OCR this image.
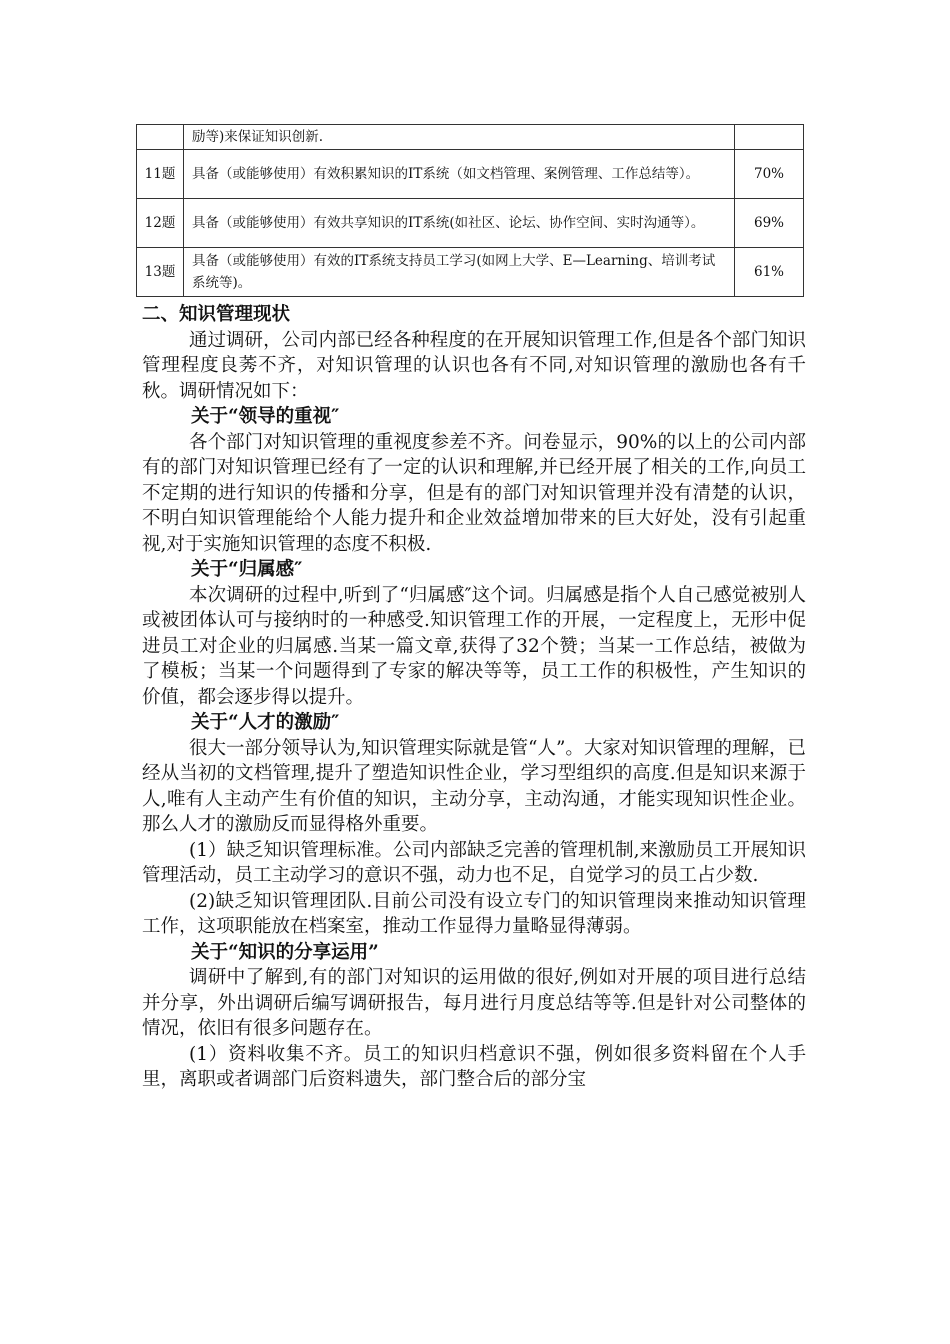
	励等)来保证知识创新.	
11题	具备（或能够使用）有效积累知识的IT系统（如文档管理、案例管理、工作总结等）。	70%
12题	具备（或能够使用）有效共享知识的IT系统(如社区、论坛、协作空间、实时沟通等）。	69%
13题	具备（或能够使用）有效的IT系统支持员工学习(如网上大学、E—Learning、培训考试系统等)。	61%

二、知识管理现状

通过调研，公司内部已经各种程度的在开展知识管理工作,但是各个部门知识管理程度良莠不齐，对知识管理的认识也各有不同,对知识管理的激励也各有千秋。调研情况如下：

关于“领导的重视″

各个部门对知识管理的重视度参差不齐。问卷显示，90%的以上的公司内部有的部门对知识管理已经有了一定的认识和理解,并已经开展了相关的工作,向员工不定期的进行知识的传播和分享，但是有的部门对知识管理并没有清楚的认识，不明白知识管理能给个人能力提升和企业效益增加带来的巨大好处，没有引起重视,对于实施知识管理的态度不积极.

关于“归属感″

本次调研的过程中,听到了“归属感″这个词。归属感是指个人自己感觉被别人或被团体认可与接纳时的一种感受.知识管理工作的开展，一定程度上，无形中促进员工对企业的归属感.当某一篇文章,获得了32个赞；当某一工作总结，被做为了模板；当某一个问题得到了专家的解决等等，员工工作的积极性，产生知识的价值，都会逐步得以提升。

关于“人才的激励″

很大一部分领导认为,知识管理实际就是管“人”。大家对知识管理的理解，已经从当初的文档管理,提升了塑造知识性企业，学习型组织的高度.但是知识来源于人,唯有人主动产生有价值的知识，主动分享，主动沟通，才能实现知识性企业。那么人才的激励反而显得格外重要。

(1）缺乏知识管理标准。公司内部缺乏完善的管理机制,来激励员工开展知识管理活动，员工主动学习的意识不强，动力也不足，自觉学习的员工占少数.

(2)缺乏知识管理团队.目前公司没有设立专门的知识管理岗来推动知识管理工作，这项职能放在档案室，推动工作显得力量略显得薄弱。

关于“知识的分享运用”

调研中了解到,有的部门对知识的运用做的很好,例如对开展的项目进行总结并分享，外出调研后编写调研报告，每月进行月度总结等等.但是针对公司整体的情况，依旧有很多问题存在。

(1）资料收集不齐。员工的知识归档意识不强，例如很多资料留在个人手里，离职或者调部门后资料遗失，部门整合后的部分宝
